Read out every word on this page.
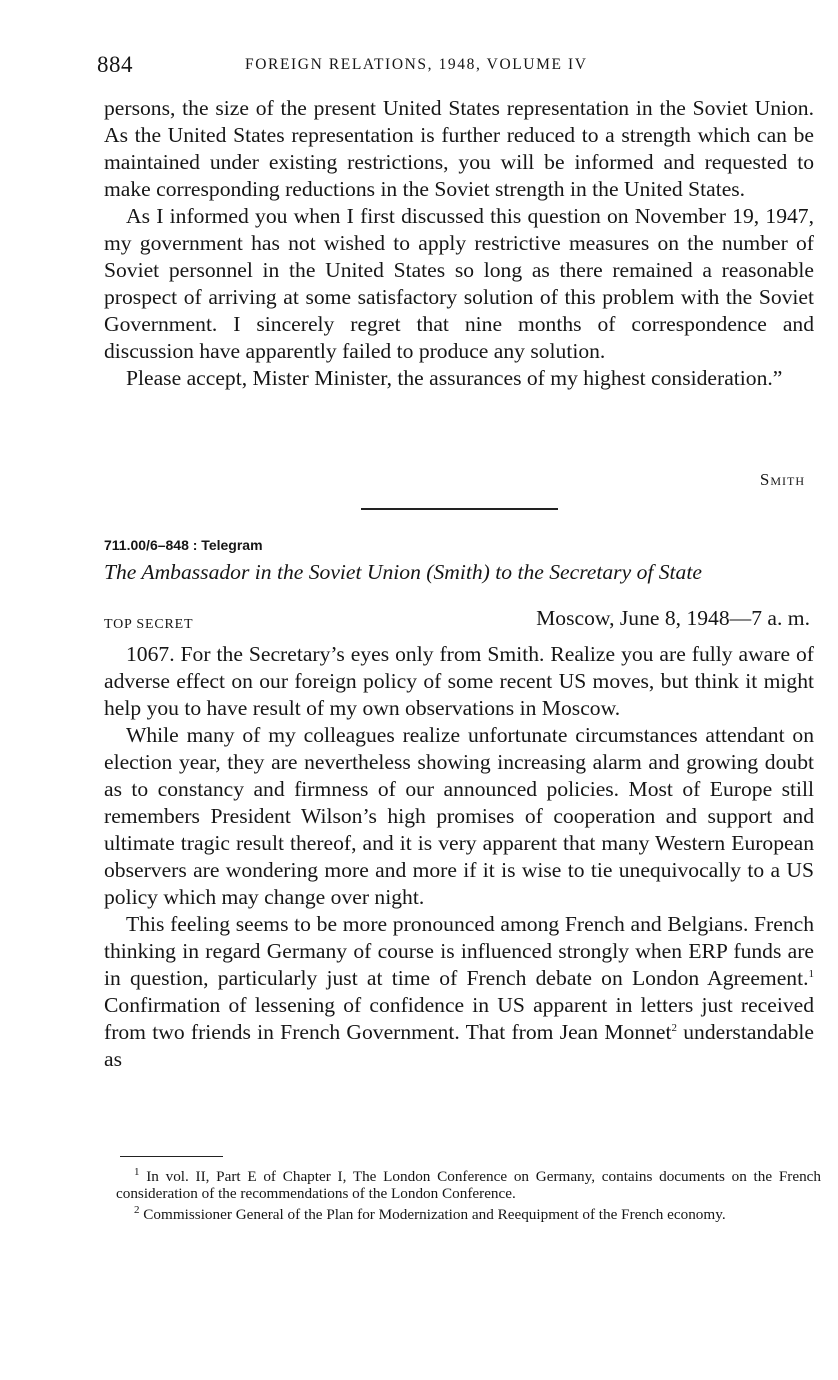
884	FOREIGN RELATIONS, 1948, VOLUME IV

persons, the size of the present United States representation in the Soviet Union. As the United States representation is further reduced to a strength which can be maintained under existing restrictions, you will be informed and requested to make corresponding reductions in the Soviet strength in the United States.

As I informed you when I first discussed this question on November 19, 1947, my government has not wished to apply restrictive measures on the number of Soviet personnel in the United States so long as there remained a reasonable prospect of arriving at some satisfactory solution of this problem with the Soviet Government. I sincerely regret that nine months of correspondence and discussion have apparently failed to produce any solution.

Please accept, Mister Minister, the assurances of my highest consideration.”

Smith
711.00/6–848 : Telegram
The Ambassador in the Soviet Union (Smith) to the Secretary of State
TOP SECRET	Moscow, June 8, 1948—7 a. m.

1067. For the Secretary’s eyes only from Smith. Realize you are fully aware of adverse effect on our foreign policy of some recent US moves, but think it might help you to have result of my own observations in Moscow.

While many of my colleagues realize unfortunate circumstances attendant on election year, they are nevertheless showing increasing alarm and growing doubt as to constancy and firmness of our announced policies. Most of Europe still remembers President Wilson’s high promises of cooperation and support and ultimate tragic result thereof, and it is very apparent that many Western European observers are wondering more and more if it is wise to tie unequivocally to a US policy which may change over night.

This feeling seems to be more pronounced among French and Belgians. French thinking in regard Germany of course is influenced strongly when ERP funds are in question, particularly just at time of French debate on London Agreement.$^1$ Confirmation of lessening of confidence in US apparent in letters just received from two friends in French Government. That from Jean Monnet$^2$ understandable as

$^1$ In vol. II, Part E of Chapter I, The London Conference on Germany, contains documents on the French consideration of the recommendations of the London Conference.

$^2$ Commissioner General of the Plan for Modernization and Reequipment of the French economy.
